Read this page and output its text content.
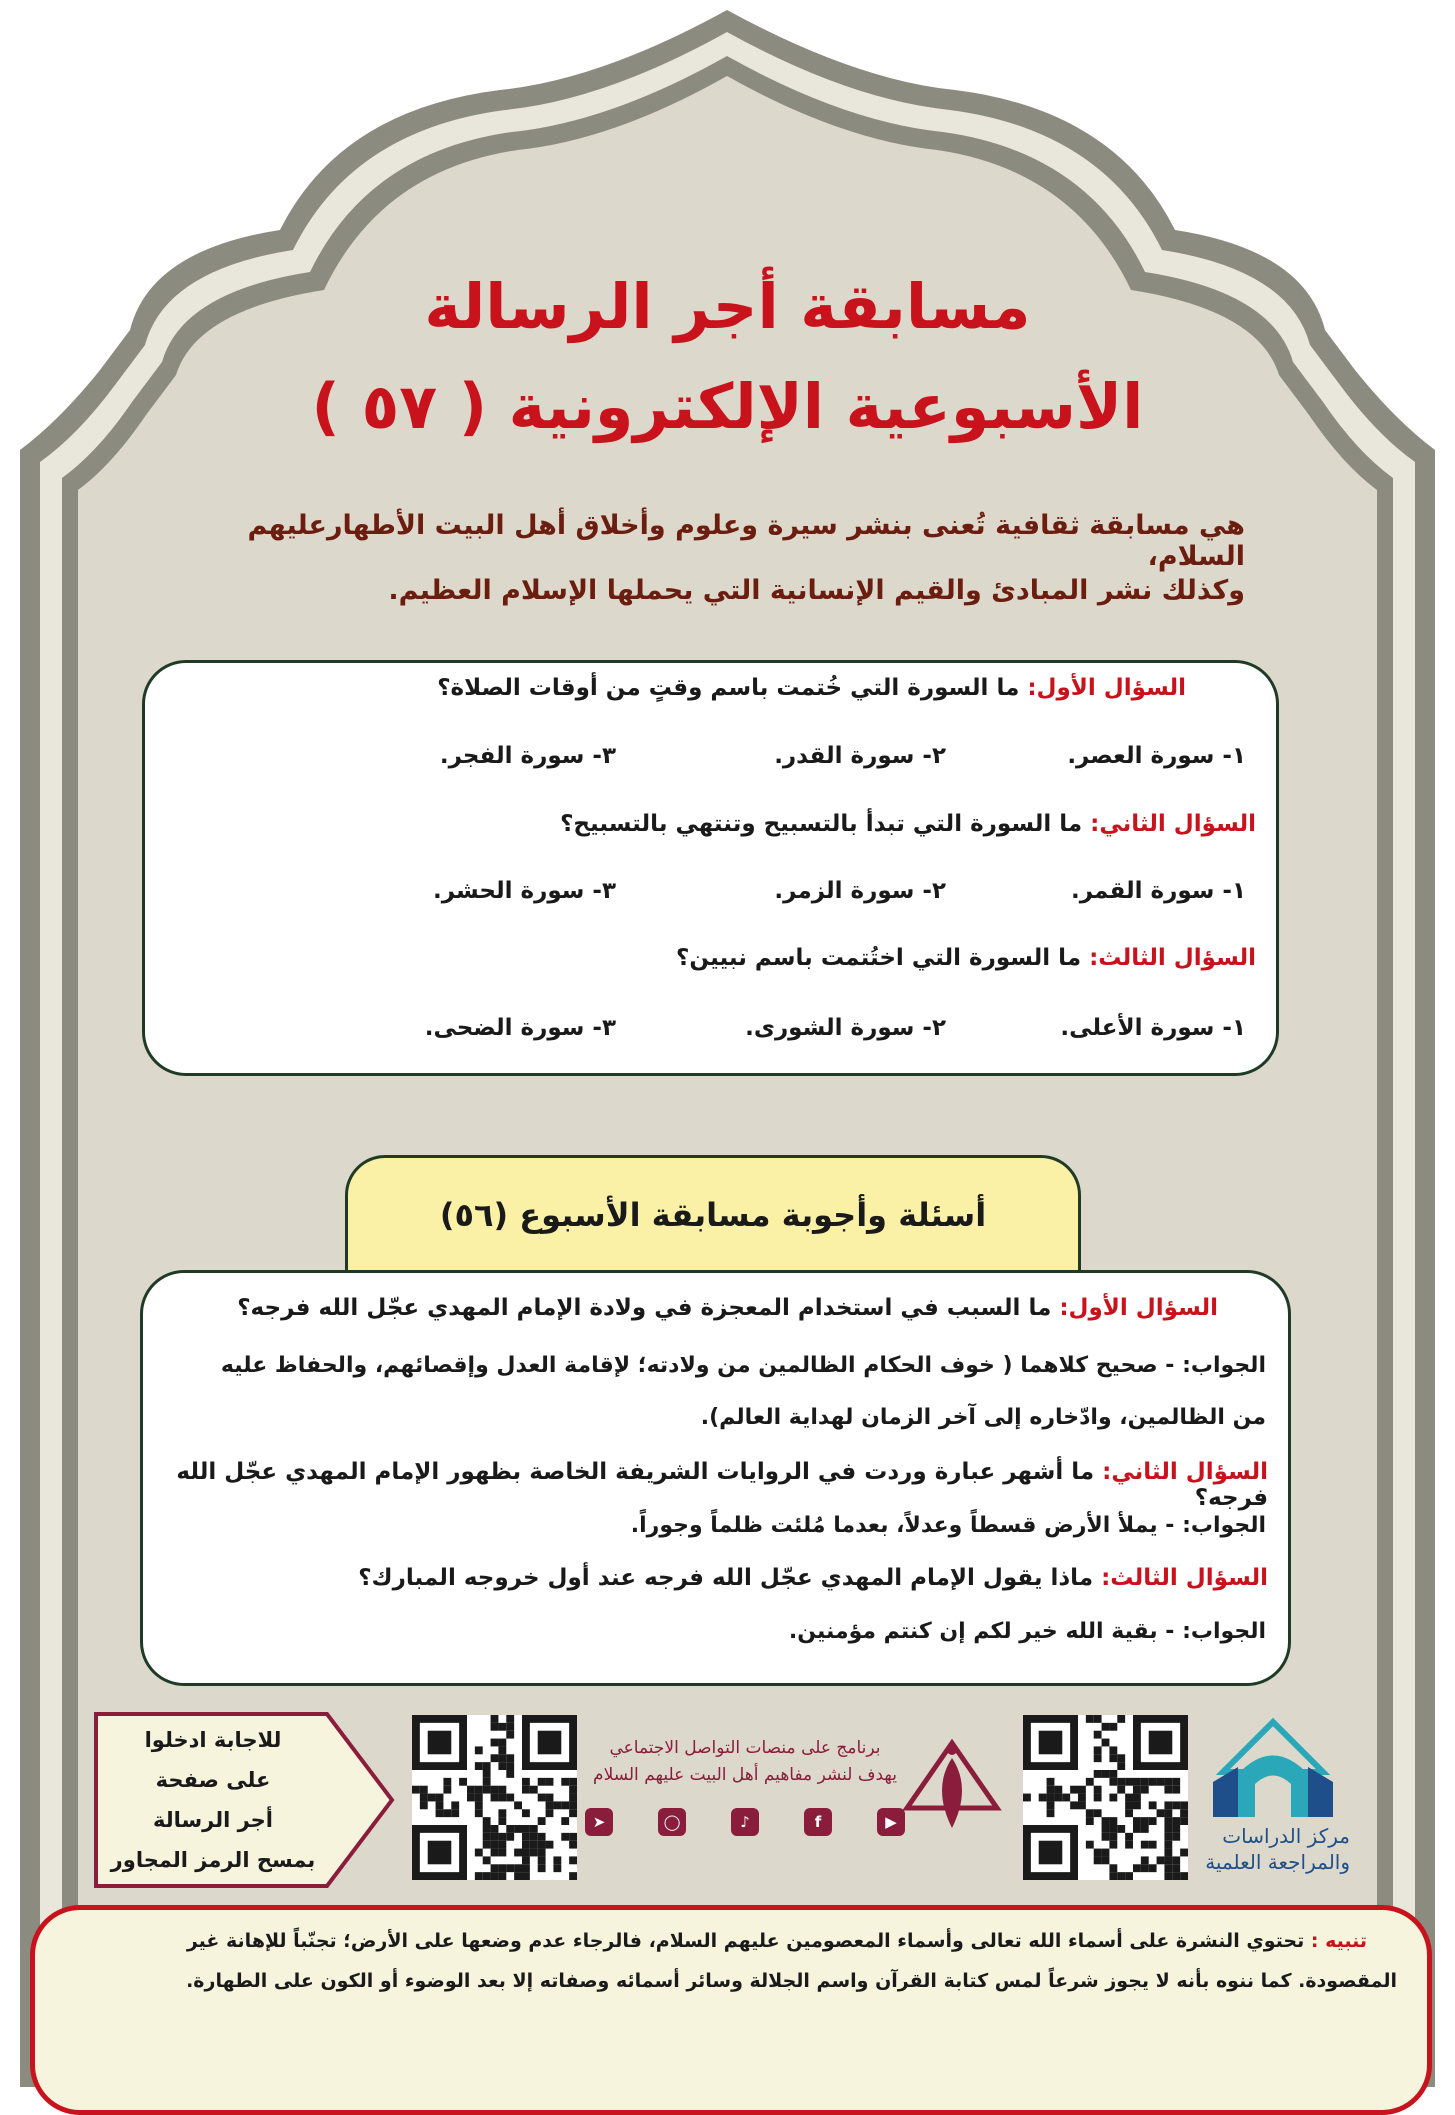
مسابقة أجر الرسالة
الأسبوعية الإلكترونية ( ٥٧ )
هي مسابقة ثقافية تُعنى بنشر سيرة وعلوم وأخلاق أهل البيت الأطهارعليهم السلام،
وكذلك نشر المبادئ والقيم الإنسانية التي يحملها الإسلام العظيم.
السؤال الأول: ما السورة التي خُتمت باسم وقتٍ من أوقات الصلاة؟
١- سورة العصر.
٢- سورة القدر.
٣- سورة الفجر.
السؤال الثاني: ما السورة التي تبدأ بالتسبيح وتنتهي بالتسبيح؟
١- سورة القمر.
٢- سورة الزمر.
٣- سورة الحشر.
السؤال الثالث: ما السورة التي اختُتمت باسم نبيين؟
١- سورة الأعلى.
٢- سورة الشورى.
٣- سورة الضحى.
أسئلة وأجوبة مسابقة الأسبوع (٥٦)
السؤال الأول: ما السبب في استخدام المعجزة في ولادة الإمام المهدي عجّل الله فرجه؟
الجواب: - صحيح كلاهما ( خوف الحكام الظالمين من ولادته؛ لإقامة العدل وإقصائهم، والحفاظ عليه
من الظالمين، وادّخاره إلى آخر الزمان لهداية العالم).
السؤال الثاني: ما أشهر عبارة وردت في الروايات الشريفة الخاصة بظهور الإمام المهدي عجّل الله فرجه؟
الجواب: - يملأ الأرض قسطاً وعدلاً، بعدما مُلئت ظلماً وجوراً.
السؤال الثالث: ماذا يقول الإمام المهدي عجّل الله فرجه عند أول خروجه المبارك؟
الجواب: - بقية الله خير لكم إن كنتم مؤمنين.
مركز الدراسات
والمراجعة العلمية
برنامج على منصات التواصل الاجتماعي
يهدف لنشر مفاهيم أهل البيت عليهم السلام
➤	◯	♪	f	▶
للاجابة ادخلوا
على صفحة
أجر الرسالة
بمسح الرمز المجاور
تنبيه : تحتوي النشرة على أسماء الله تعالى وأسماء المعصومين عليهم السلام، فالرجاء عدم وضعها على الأرض؛ تجنّباً للإهانة غير
المقصودة. كما ننوه بأنه لا يجوز شرعاً لمس كتابة القرآن واسم الجلالة وسائر أسمائه وصفاته إلا بعد الوضوء أو الكون على الطهارة.
